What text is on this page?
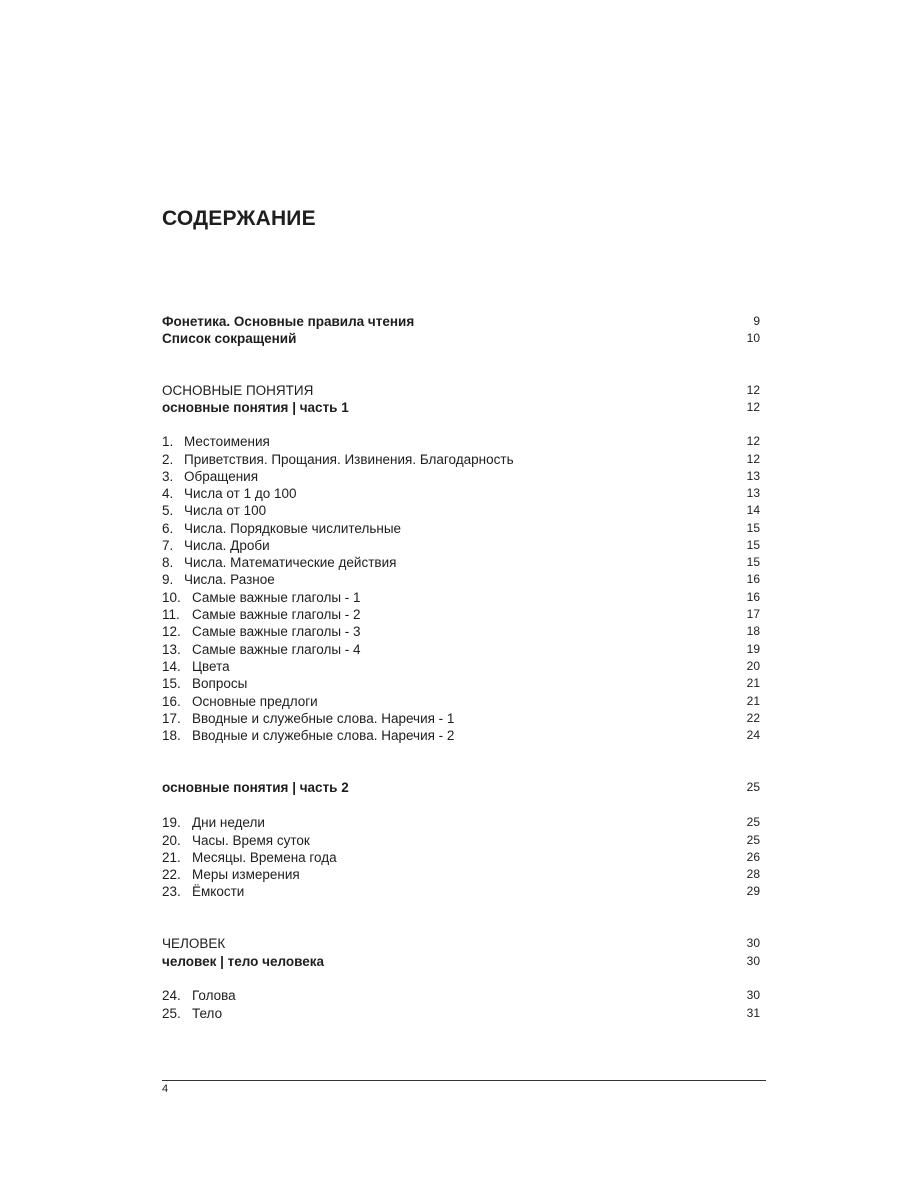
СОДЕРЖАНИЕ
Фонетика. Основные правила чтения	9
Список сокращений	10
ОСНОВНЫЕ ПОНЯТИЯ	12
основные понятия | часть 1	12
1. Местоимения	12
2. Приветствия. Прощания. Извинения. Благодарность	12
3. Обращения	13
4. Числа от 1 до 100	13
5. Числа от 100	14
6. Числа. Порядковые числительные	15
7. Числа. Дроби	15
8. Числа. Математические действия	15
9. Числа. Разное	16
10. Самые важные глаголы - 1	16
11. Самые важные глаголы - 2	17
12. Самые важные глаголы - 3	18
13. Самые важные глаголы - 4	19
14. Цвета	20
15. Вопросы	21
16. Основные предлоги	21
17. Вводные и служебные слова. Наречия - 1	22
18. Вводные и служебные слова. Наречия - 2	24
основные понятия | часть 2	25
19. Дни недели	25
20. Часы. Время суток	25
21. Месяцы. Времена года	26
22. Меры измерения	28
23. Ёмкости	29
ЧЕЛОВЕК	30
человек | тело человека	30
24. Голова	30
25. Тело	31
4
